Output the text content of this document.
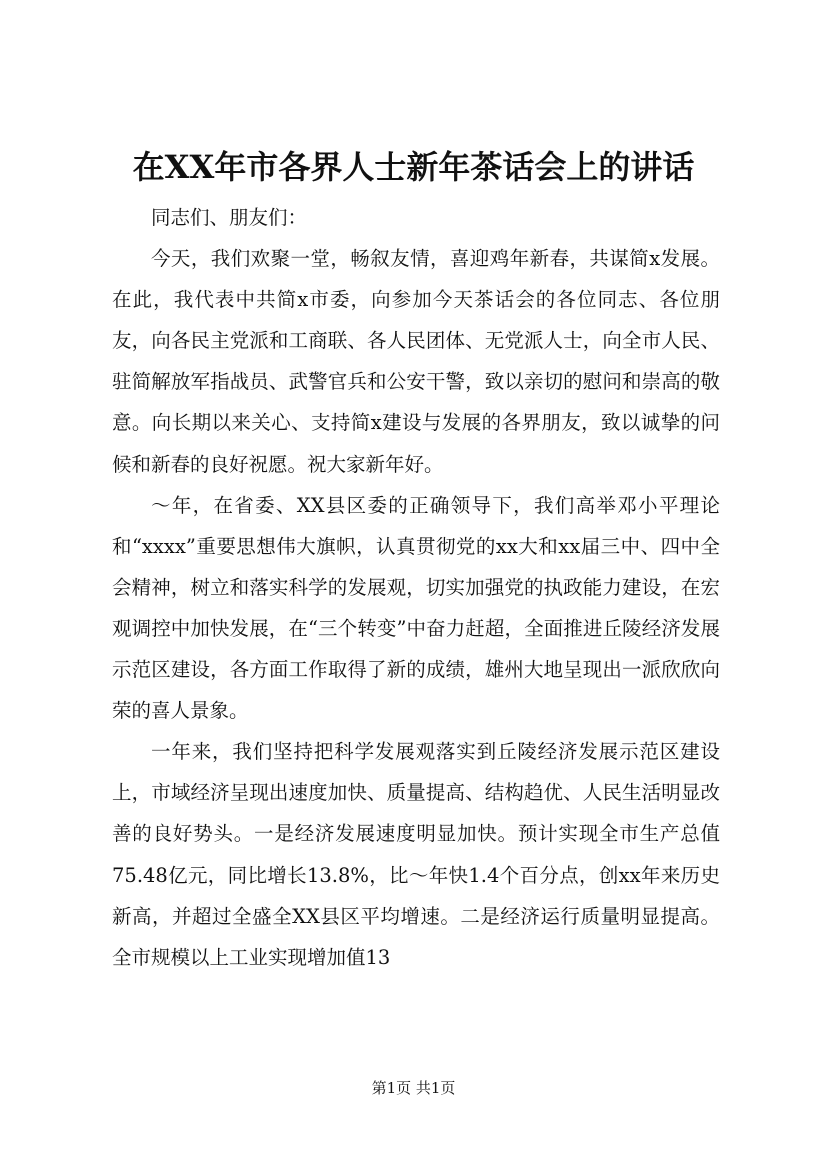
在XX年市各界人士新年茶话会上的讲话

同志们、朋友们：

今天，我们欢聚一堂，畅叙友情，喜迎鸡年新春，共谋简x发展。在此，我代表中共简x市委，向参加今天茶话会的各位同志、各位朋友，向各民主党派和工商联、各人民团体、无党派人士，向全市人民、驻简解放军指战员、武警官兵和公安干警，致以亲切的慰问和崇高的敬意。向长期以来关心、支持简x建设与发展的各界朋友，致以诚挚的问候和新春的良好祝愿。祝大家新年好。

～年，在省委、XX县区委的正确领导下，我们高举邓小平理论和“xxxx”重要思想伟大旗帜，认真贯彻党的xx大和xx届三中、四中全会精神，树立和落实科学的发展观，切实加强党的执政能力建设，在宏观调控中加快发展，在“三个转变”中奋力赶超，全面推进丘陵经济发展示范区建设，各方面工作取得了新的成绩，雄州大地呈现出一派欣欣向荣的喜人景象。

一年来，我们坚持把科学发展观落实到丘陵经济发展示范区建设上，市域经济呈现出速度加快、质量提高、结构趋优、人民生活明显改善的良好势头。一是经济发展速度明显加快。预计实现全市生产总值75.48亿元，同比增长13.8%，比～年快1.4个百分点，创xx年来历史新高，并超过全盛全XX县区平均增速。二是经济运行质量明显提高。全市规模以上工业实现增加值13

第1页 共1页
